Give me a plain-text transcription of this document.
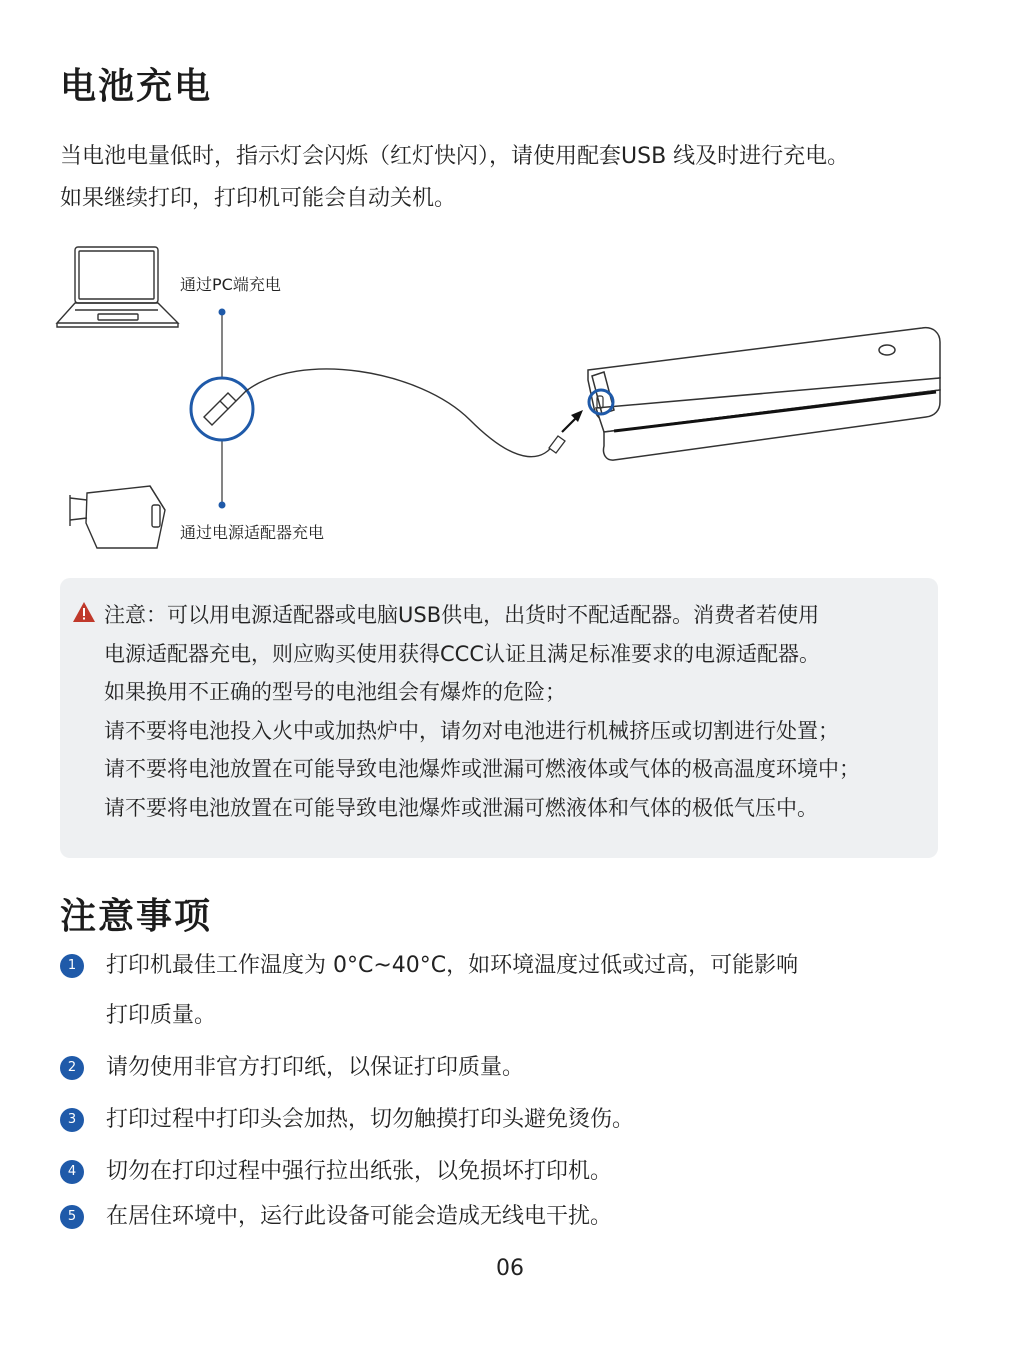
电池充电

当电池电量低时，指示灯会闪烁（红灯快闪），请使用配套USB 线及时进行充电。

如果继续打印，打印机可能会自动关机。

通过PC端充电
通过电源适配器充电

注意：可以用电源适配器或电脑USB供电，出货时不配适配器。消费者若使用

电源适配器充电，则应购买使用获得CCC认证且满足标准要求的电源适配器。

如果换用不正确的型号的电池组会有爆炸的危险；

请不要将电池投入火中或加热炉中，请勿对电池进行机械挤压或切割进行处置；

请不要将电池放置在可能导致电池爆炸或泄漏可燃液体或气体的极高温度环境中；

请不要将电池放置在可能导致电池爆炸或泄漏可燃液体和气体的极低气压中。

注意事项
1	打印机最佳工作温度为 0°C~40°C，如环境温度过低或过高，可能影响
打印质量。
2	请勿使用非官方打印纸，以保证打印质量。
3	打印过程中打印头会加热，切勿触摸打印头避免烫伤。
4	切勿在打印过程中强行拉出纸张，以免损坏打印机。
5	在居住环境中，运行此设备可能会造成无线电干扰。
06
